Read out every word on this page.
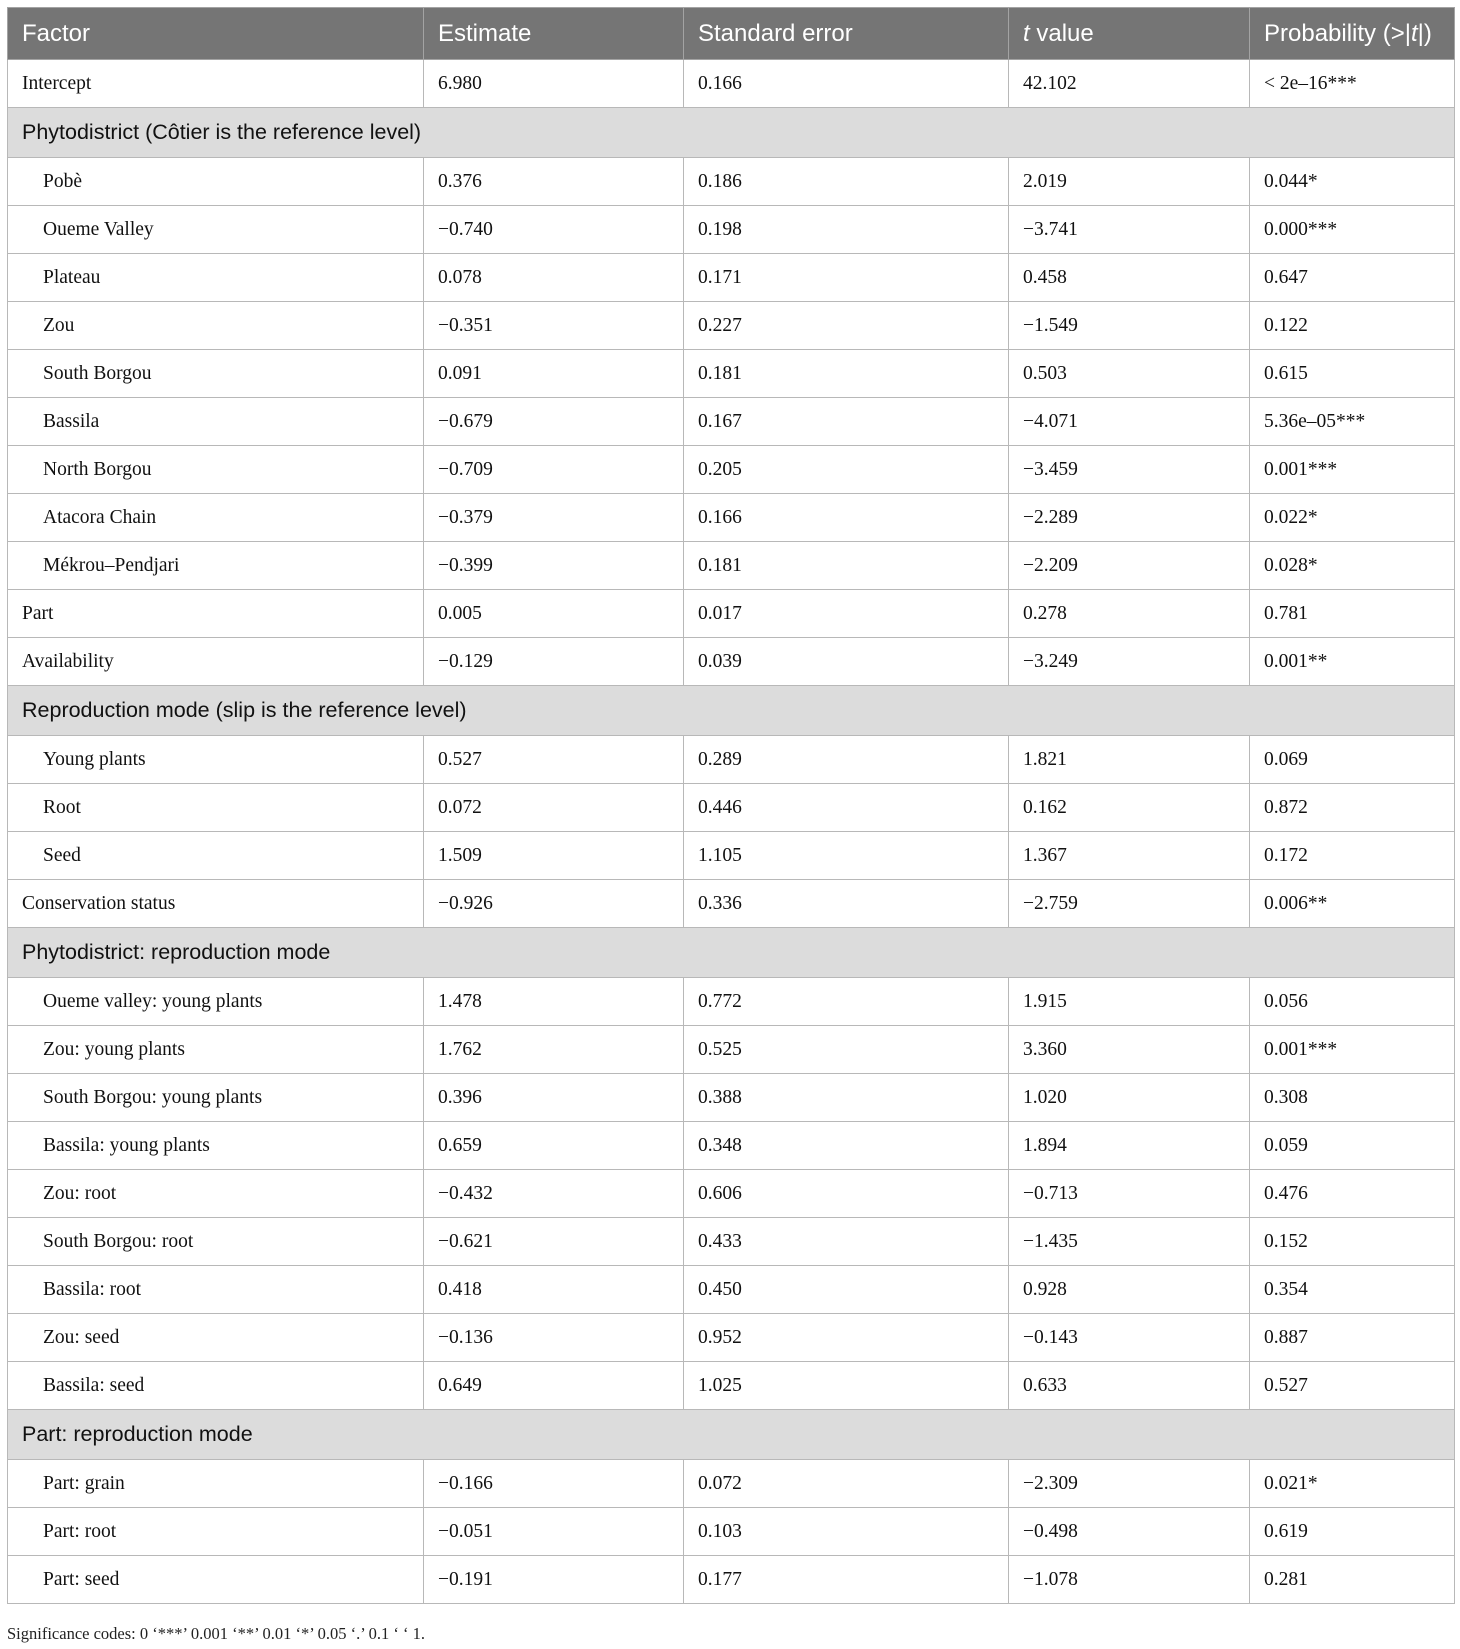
Factor	Estimate	Standard error	t value	Probability (>|t|)
Intercept	6.980	0.166	42.102	< 2e–16***
Phytodistrict (Côtier is the reference level)				
Pobè	0.376	0.186	2.019	0.044*
Oueme Valley	−0.740	0.198	−3.741	0.000***
Plateau	0.078	0.171	0.458	0.647
Zou	−0.351	0.227	−1.549	0.122
South Borgou	0.091	0.181	0.503	0.615
Bassila	−0.679	0.167	−4.071	5.36e–05***
North Borgou	−0.709	0.205	−3.459	0.001***
Atacora Chain	−0.379	0.166	−2.289	0.022*
Mékrou–Pendjari	−0.399	0.181	−2.209	0.028*
Part	0.005	0.017	0.278	0.781
Availability	−0.129	0.039	−3.249	0.001**
Reproduction mode (slip is the reference level)				
Young plants	0.527	0.289	1.821	0.069
Root	0.072	0.446	0.162	0.872
Seed	1.509	1.105	1.367	0.172
Conservation status	−0.926	0.336	−2.759	0.006**
Phytodistrict: reproduction mode				
Oueme valley: young plants	1.478	0.772	1.915	0.056
Zou: young plants	1.762	0.525	3.360	0.001***
South Borgou: young plants	0.396	0.388	1.020	0.308
Bassila: young plants	0.659	0.348	1.894	0.059
Zou: root	−0.432	0.606	−0.713	0.476
South Borgou: root	−0.621	0.433	−1.435	0.152
Bassila: root	0.418	0.450	0.928	0.354
Zou: seed	−0.136	0.952	−0.143	0.887
Bassila: seed	0.649	1.025	0.633	0.527
Part: reproduction mode				
Part: grain	−0.166	0.072	−2.309	0.021*
Part: root	−0.051	0.103	−0.498	0.619
Part: seed	−0.191	0.177	−1.078	0.281
Significance codes: 0 ‘***’ 0.001 ‘**’ 0.01 ‘*’ 0.05 ‘.’ 0.1 ‘ ‘ 1.
